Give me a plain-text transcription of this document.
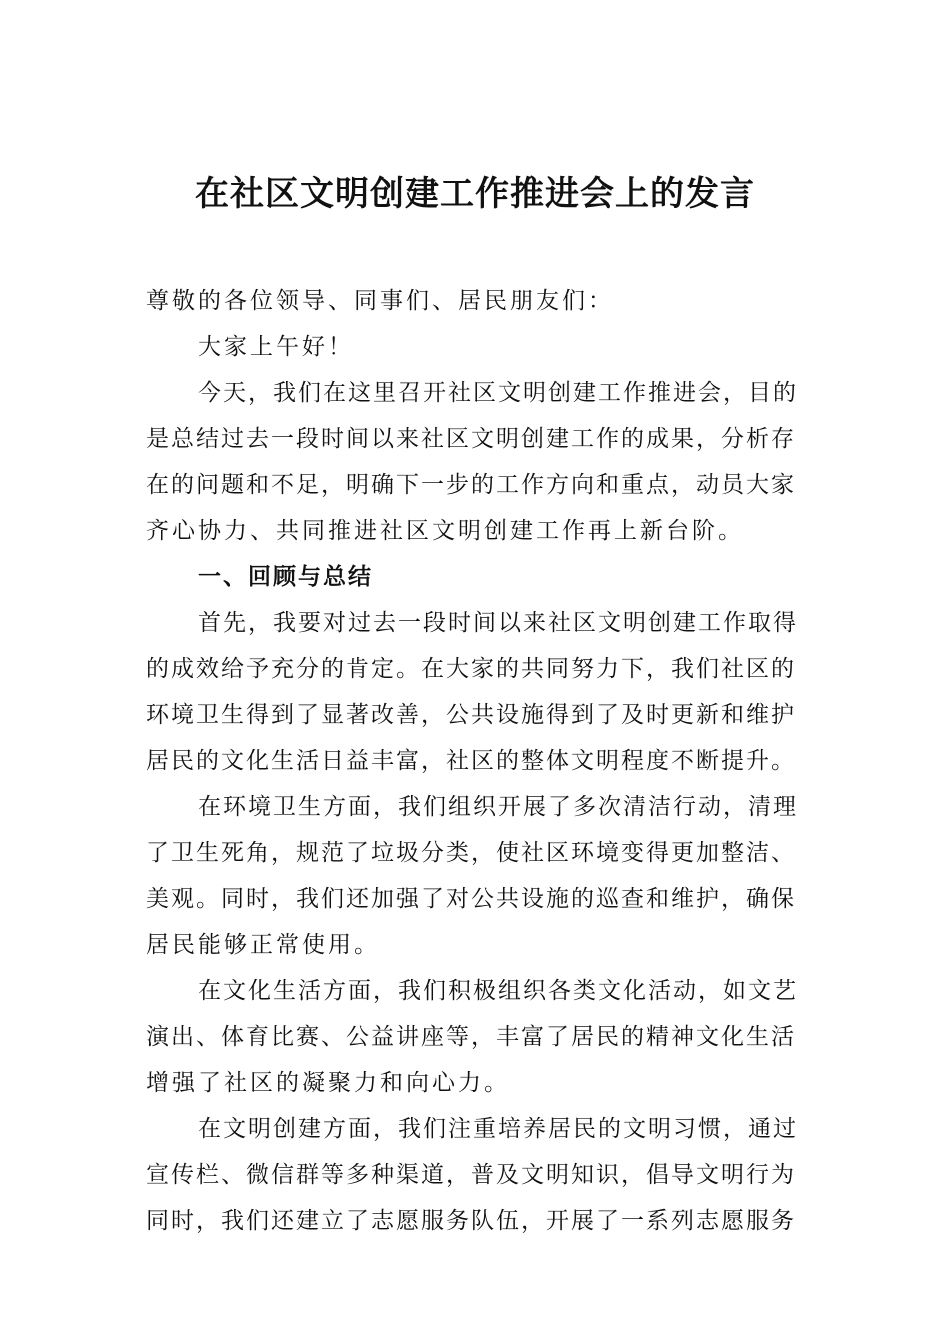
在社区文明创建工作推进会上的发言

尊敬的各位领导、同事们、居民朋友们：

大家上午好！

今天，我们在这里召开社区文明创建工作推进会，目的

是总结过去一段时间以来社区文明创建工作的成果，分析存

在的问题和不足，明确下一步的工作方向和重点，动员大家

齐心协力、共同推进社区文明创建工作再上新台阶。

一、回顾与总结

首先，我要对过去一段时间以来社区文明创建工作取得

的成效给予充分的肯定。在大家的共同努力下，我们社区的

环境卫生得到了显著改善，公共设施得到了及时更新和维护

居民的文化生活日益丰富，社区的整体文明程度不断提升。

在环境卫生方面，我们组织开展了多次清洁行动，清理

了卫生死角，规范了垃圾分类，使社区环境变得更加整洁、

美观。同时，我们还加强了对公共设施的巡查和维护，确保

居民能够正常使用。

在文化生活方面，我们积极组织各类文化活动，如文艺

演出、体育比赛、公益讲座等，丰富了居民的精神文化生活

增强了社区的凝聚力和向心力。

在文明创建方面，我们注重培养居民的文明习惯，通过

宣传栏、微信群等多种渠道，普及文明知识，倡导文明行为

同时，我们还建立了志愿服务队伍，开展了一系列志愿服务
